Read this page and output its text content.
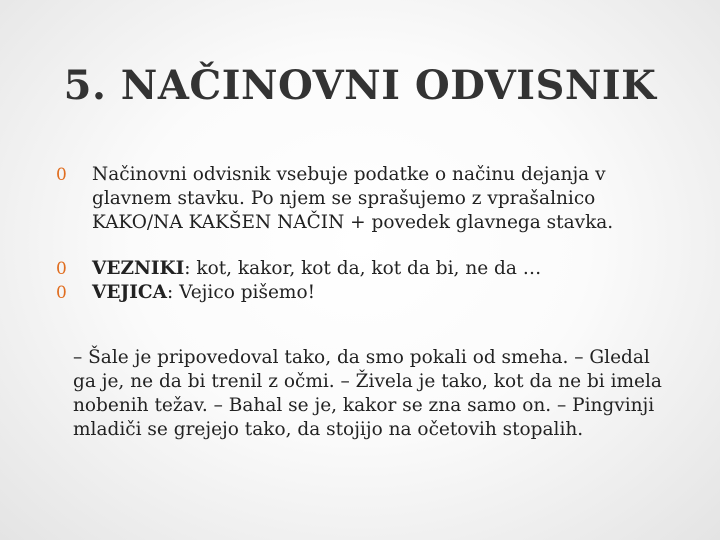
5. NAČINOVNI ODVISNIK
0 Načinovni odvisnik vsebuje podatke o načinu dejanja v glavnem stavku. Po njem se sprašujemo z vprašalnico KAKO/NA KAKŠEN NAČIN + povedek glavnega stavka.
0 VEZNIKI: kot, kakor, kot da, kot da bi, ne da …
0 VEJICA: Vejico pišemo!
– Šale je pripovedoval tako, da smo pokali od smeha. – Gledal ga je, ne da bi trenil z očmi. – Živela je tako, kot da ne bi imela nobenih težav. – Bahal se je, kakor se zna samo on. – Pingvinji mladiči se grejejo tako, da stojijo na očetovih stopalih.
